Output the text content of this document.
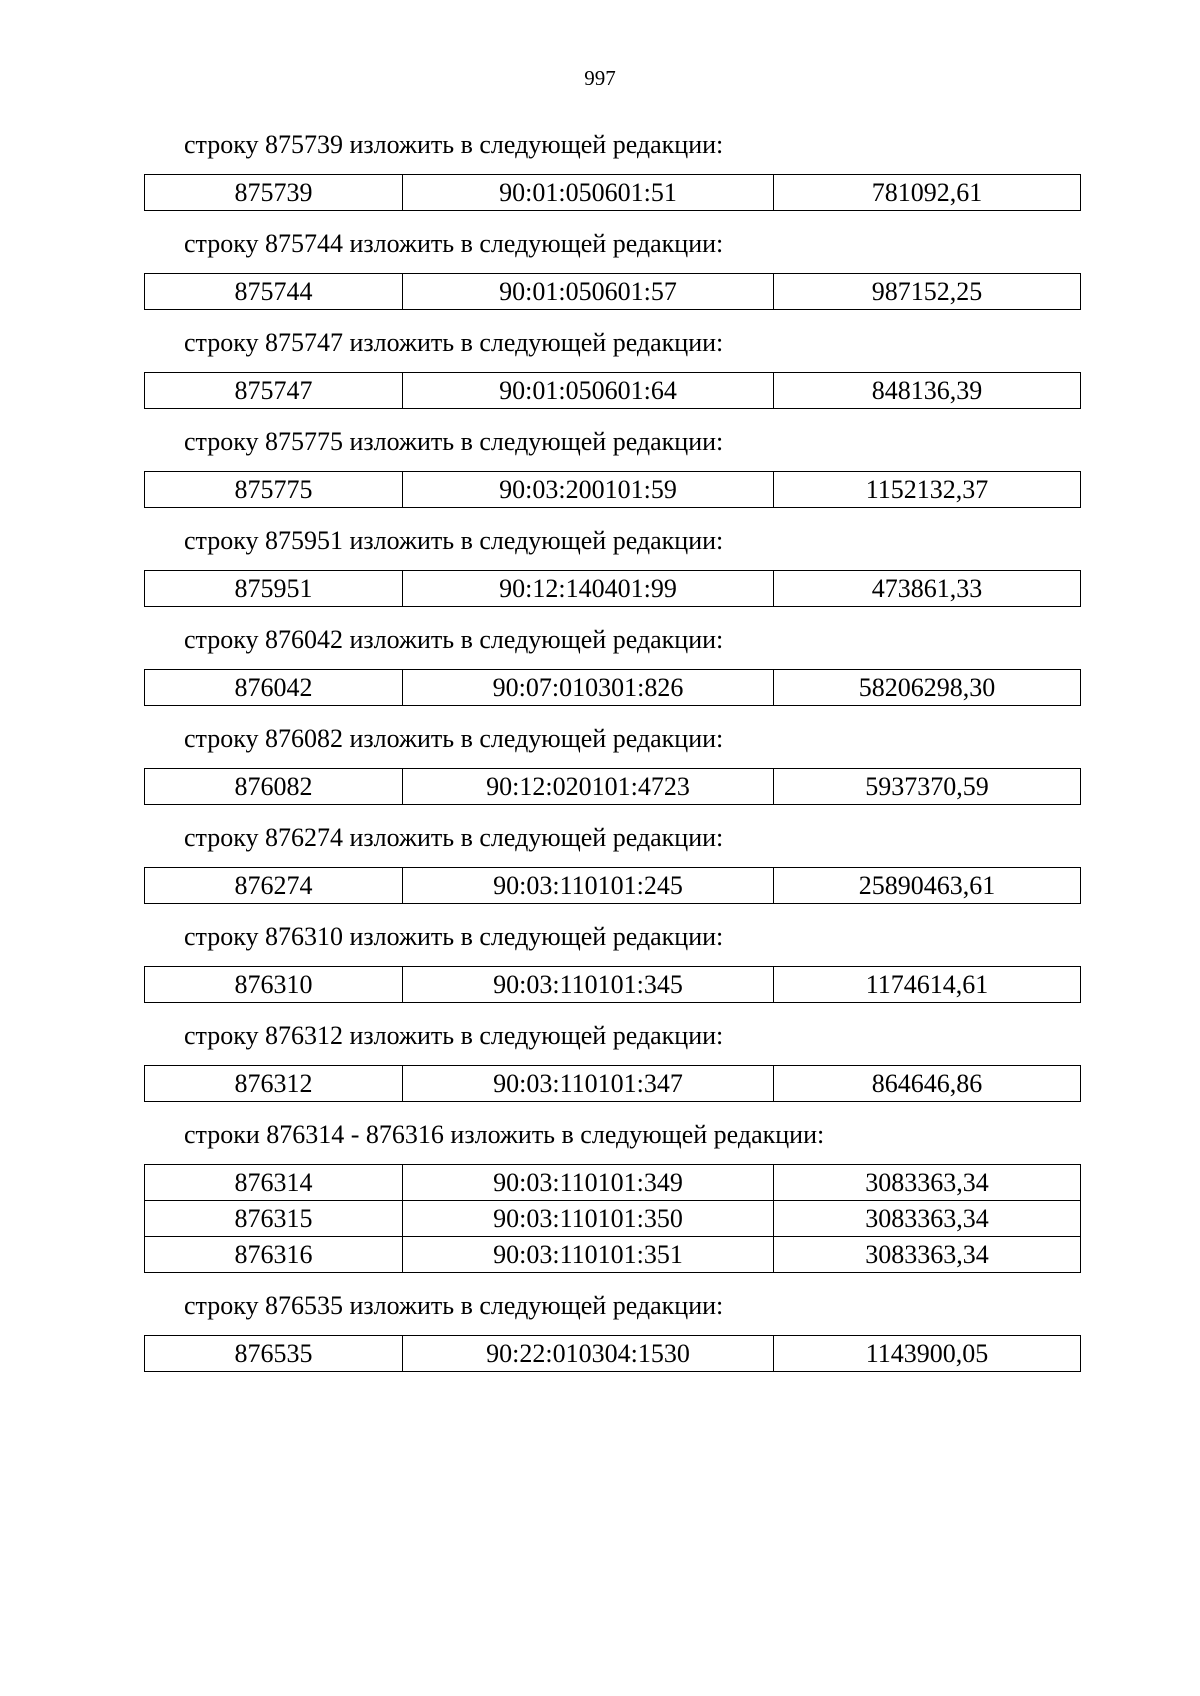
997
строку 875739 изложить в следующей редакции:
875739	90:01:050601:51	781092,61
строку 875744 изложить в следующей редакции:
875744	90:01:050601:57	987152,25
строку 875747 изложить в следующей редакции:
875747	90:01:050601:64	848136,39
строку 875775 изложить в следующей редакции:
875775	90:03:200101:59	1152132,37
строку 875951 изложить в следующей редакции:
875951	90:12:140401:99	473861,33
строку 876042 изложить в следующей редакции:
876042	90:07:010301:826	58206298,30
строку 876082 изложить в следующей редакции:
876082	90:12:020101:4723	5937370,59
строку 876274 изложить в следующей редакции:
876274	90:03:110101:245	25890463,61
строку 876310 изложить в следующей редакции:
876310	90:03:110101:345	1174614,61
строку 876312 изложить в следующей редакции:
876312	90:03:110101:347	864646,86
строки 876314 - 876316 изложить в следующей редакции:
876314	90:03:110101:349	3083363,34
876315	90:03:110101:350	3083363,34
876316	90:03:110101:351	3083363,34
строку 876535 изложить в следующей редакции:
876535	90:22:010304:1530	1143900,05
